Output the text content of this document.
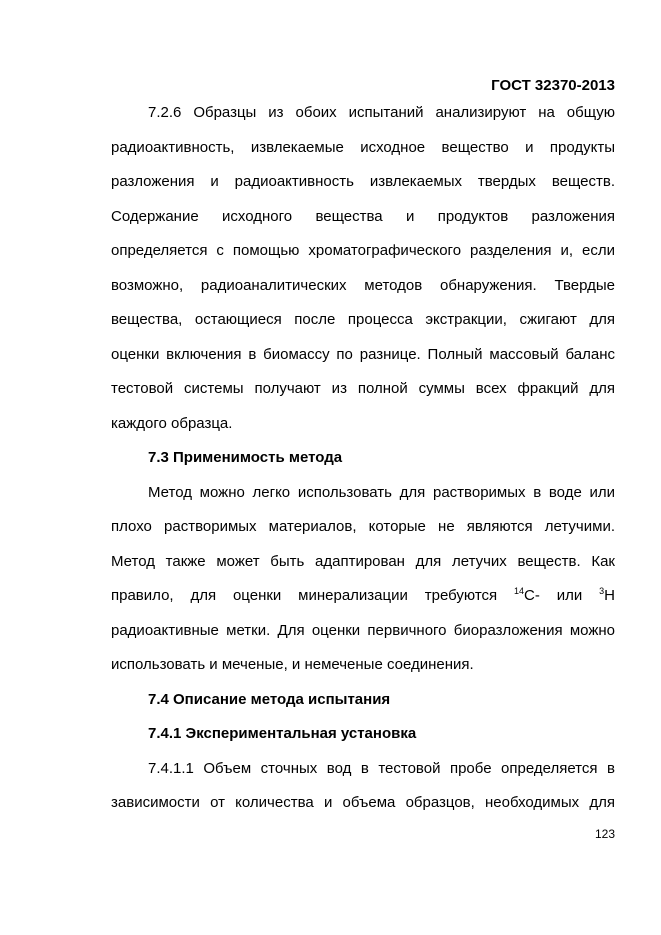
ГОСТ 32370-2013

7.2.6 Образцы из обоих испытаний анализируют на общую радиоактивность, извлекаемые исходное вещество и продукты разложения и радиоактивность извлекаемых твердых веществ. Содержание исходного вещества и продуктов разложения определяется с помощью хроматографического разделения и, если возможно, радиоаналитических методов обнаружения. Твердые вещества, остающиеся после процесса экстракции, сжигают для оценки включения в биомассу по разнице. Полный массовый баланс тестовой системы получают из полной суммы всех фракций для каждого образца.

7.3 Применимость метода

Метод можно легко использовать для растворимых в воде или плохо растворимых материалов, которые не являются летучими. Метод также может быть адаптирован для летучих веществ. Как правило, для оценки минерализации требуются $^{14}$С- или $^3$Н радиоактивные метки. Для оценки первичного биоразложения можно использовать и меченые, и немеченые соединения.

7.4 Описание метода испытания

7.4.1 Экспериментальная установка

7.4.1.1 Объем сточных вод в тестовой пробе определяется в зависимости от количества и объема образцов, необходимых для

123
